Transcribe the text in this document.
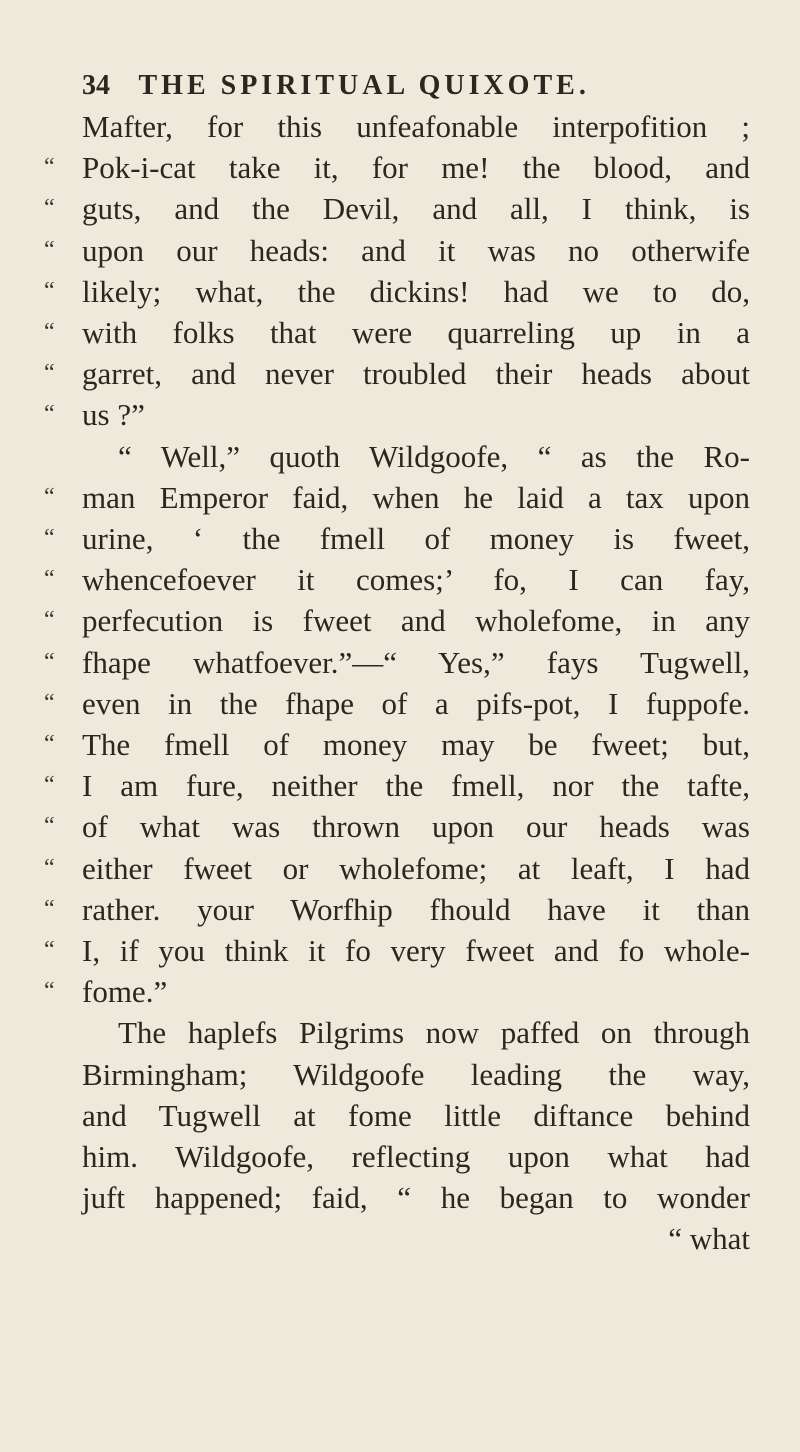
34 THE SPIRITUAL QUIXOTE.
Mafter, for this unfeafonable interpofition ;
“ Pok-i-cat take it, for me! the blood, and
“ guts, and the Devil, and all, I think, is
“ upon our heads: and it was no otherwife
“ likely; what, the dickins! had we to do,
“ with folks that were quarreling up in a
“ garret, and never troubled their heads about
“ us ?”
“ Well,” quoth Wildgoofe, “ as the Ro-
“ man Emperor faid, when he laid a tax upon
“ urine, ‘ the fmell of money is fweet,
“ whencefoever it comes;’ fo, I can fay,
“ perfecution is fweet and wholefome, in any
“ fhape whatfoever.”—“ Yes,” fays Tugwell,
“ even in the fhape of a pifs-pot, I fuppofe.
“ The fmell of money may be fweet; but,
“ I am fure, neither the fmell, nor the tafte,
“ of what was thrown upon our heads was
“ either fweet or wholefome; at leaft, I had
“ rather. your Worfhip fhould have it than
“ I, if you think it fo very fweet and fo whole-
“ fome.”
The haplefs Pilgrims now paffed on through
Birmingham; Wildgoofe leading the way,
and Tugwell at fome little diftance behind
him. Wildgoofe, reflecting upon what had
juft happened; faid, “ he began to wonder
“ what
